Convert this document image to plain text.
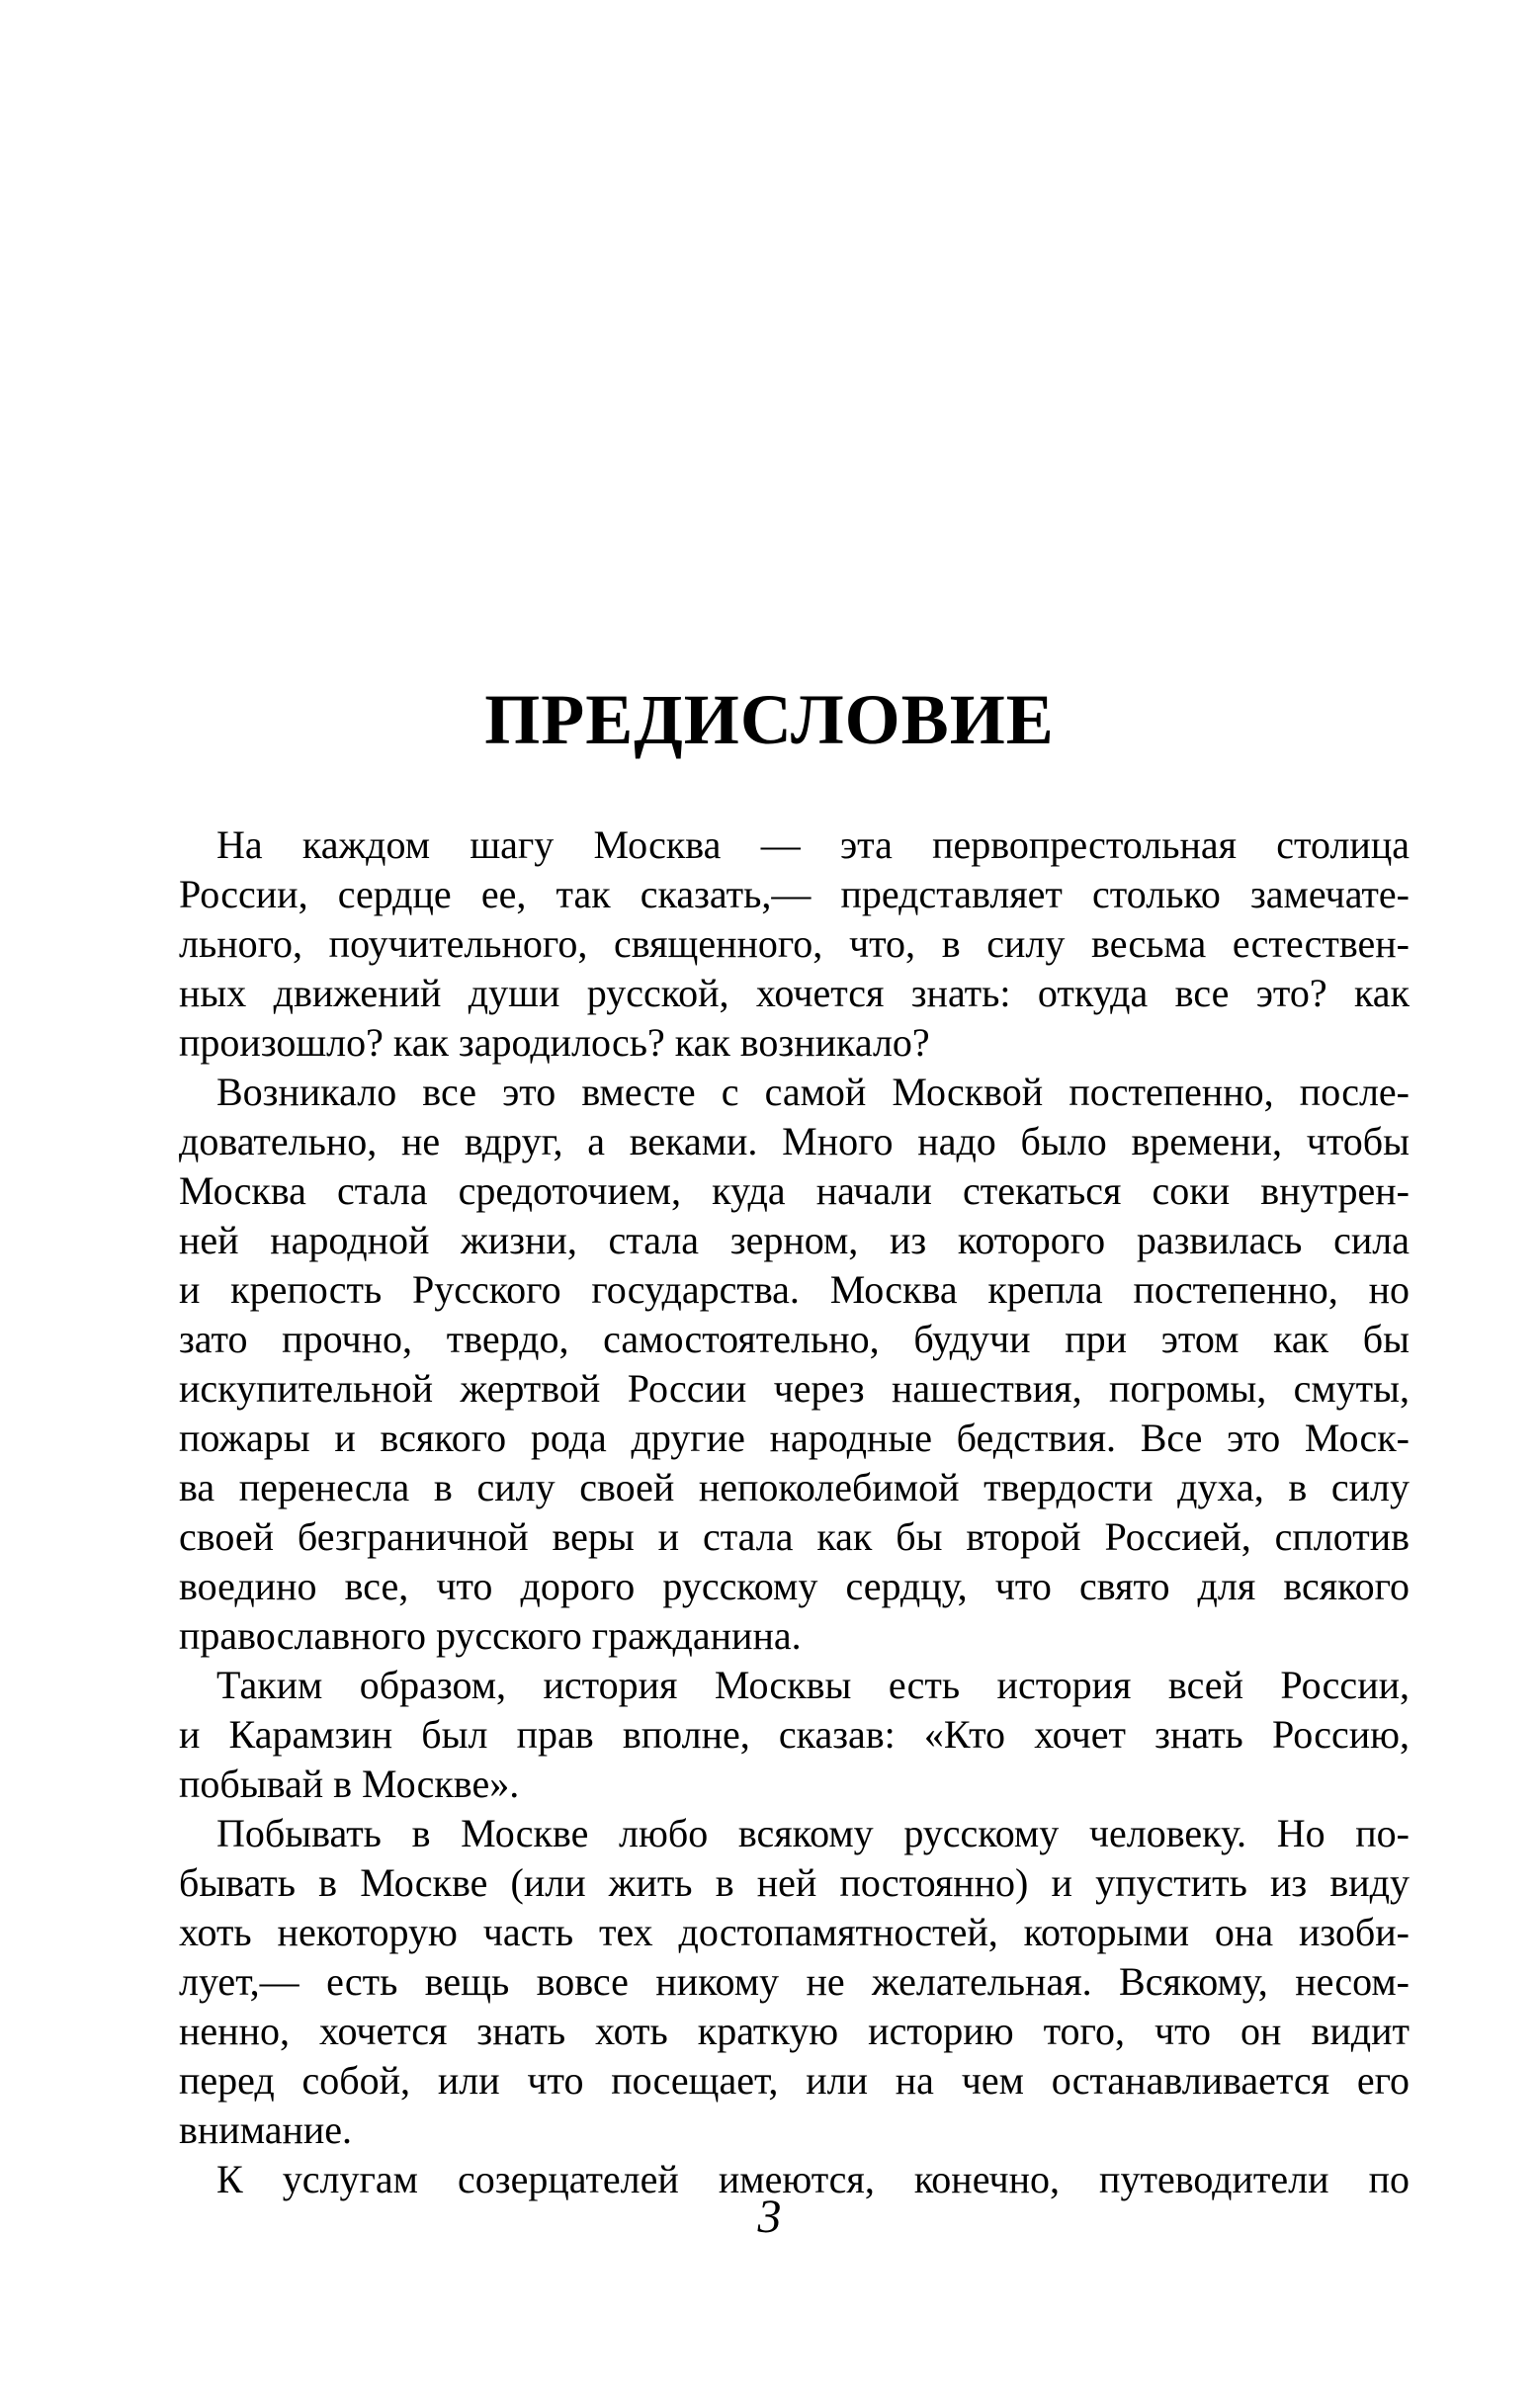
ПРЕДИСЛОВИЕ
На каждом шагу Москва — эта первопрестольная столица
России, сердце ее, так сказать,— представляет столько замечате-
льного, поучительного, священного, что, в силу весьма естествен-
ных движений души русской, хочется знать: откуда все это? как
произошло? как зародилось? как возникало?
Возникало все это вместе с самой Москвой постепенно, после-
довательно, не вдруг, а веками. Много надо было времени, чтобы
Москва стала средоточием, куда начали стекаться соки внутрен-
ней народной жизни, стала зерном, из которого развилась сила
и крепость Русского государства. Москва крепла постепенно, но
зато прочно, твердо, самостоятельно, будучи при этом как бы
искупительной жертвой России через нашествия, погромы, смуты,
пожары и всякого рода другие народные бедствия. Все это Моск-
ва перенесла в силу своей непоколебимой твердости духа, в силу
своей безграничной веры и стала как бы второй Россией, сплотив
воедино все, что дорого русскому сердцу, что свято для всякого
православного русского гражданина.
Таким образом, история Москвы есть история всей России,
и Карамзин был прав вполне, сказав: «Кто хочет знать Россию,
побывай в Москве».
Побывать в Москве любо всякому русскому человеку. Но по-
бывать в Москве (или жить в ней постоянно) и упустить из виду
хоть некоторую часть тех достопамятностей, которыми она изоби-
лует,— есть вещь вовсе никому не желательная. Всякому, несом-
ненно, хочется знать хоть краткую историю того, что он видит
перед собой, или что посещает, или на чем останавливается его
внимание.
К услугам созерцателей имеются, конечно, путеводители по
3
